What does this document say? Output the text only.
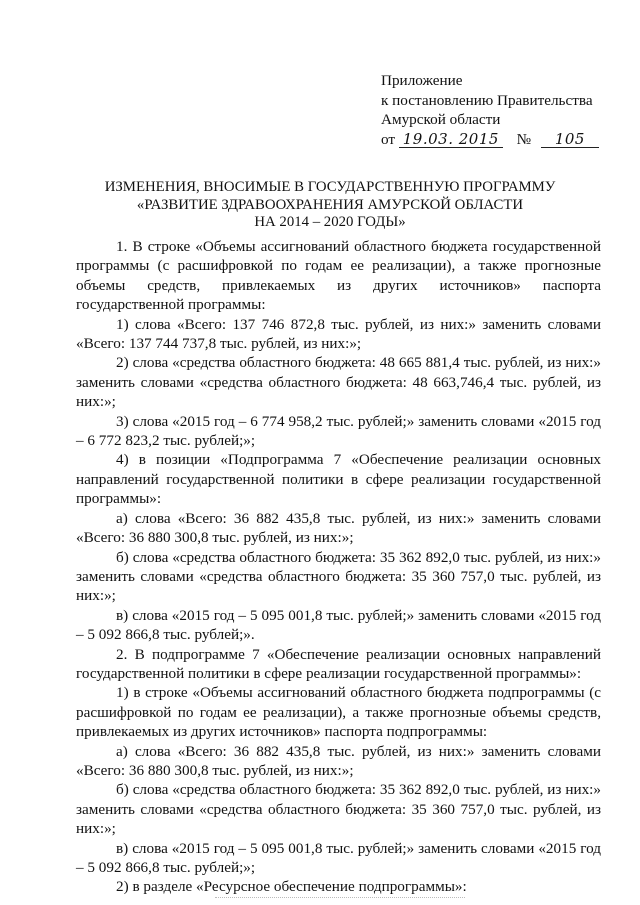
Приложение
к постановлению Правительства
Амурской области
от 19.03. 2015 № 105
ИЗМЕНЕНИЯ, ВНОСИМЫЕ В ГОСУДАРСТВЕННУЮ ПРОГРАММУ
«РАЗВИТИЕ ЗДРАВООХРАНЕНИЯ АМУРСКОЙ ОБЛАСТИ
НА 2014 – 2020 ГОДЫ»

1. В строке «Объемы ассигнований областного бюджета государственной программы (с расшифровкой по годам ее реализации), а также прогнозные объемы средств, привлекаемых из других источников» паспорта государственной программы:

1) слова «Всего: 137 746 872,8 тыс. рублей, из них:» заменить словами «Всего: 137 744 737,8 тыс. рублей, из них:»;

2) слова «средства областного бюджета: 48 665 881,4 тыс. рублей, из них:» заменить словами «средства областного бюджета: 48 663,746,4 тыс. рублей, из них:»;

3) слова «2015 год – 6 774 958,2 тыс. рублей;» заменить словами «2015 год – 6 772 823,2 тыс. рублей;»;

4) в позиции «Подпрограмма 7 «Обеспечение реализации основных направлений государственной политики в сфере реализации государственной программы»:

а) слова «Всего: 36 882 435,8 тыс. рублей, из них:» заменить словами «Всего: 36 880 300,8 тыс. рублей, из них:»;

б) слова «средства областного бюджета: 35 362 892,0 тыс. рублей, из них:» заменить словами «средства областного бюджета: 35 360 757,0 тыс. рублей, из них:»;

в) слова «2015 год – 5 095 001,8 тыс. рублей;» заменить словами «2015 год – 5 092 866,8 тыс. рублей;».

2. В подпрограмме 7 «Обеспечение реализации основных направлений государственной политики в сфере реализации государственной программы»:

1) в строке «Объемы ассигнований областного бюджета подпрограммы (с расшифровкой по годам ее реализации), а также прогнозные объемы средств, привлекаемых из других источников» паспорта подпрограммы:

а) слова «Всего: 36 882 435,8 тыс. рублей, из них:» заменить словами «Всего: 36 880 300,8 тыс. рублей, из них:»;

б) слова «средства областного бюджета: 35 362 892,0 тыс. рублей, из них:» заменить словами «средства областного бюджета: 35 360 757,0 тыс. рублей, из них:»;

в) слова «2015 год – 5 095 001,8 тыс. рублей;» заменить словами «2015 год – 5 092 866,8 тыс. рублей;»;

2) в разделе «Ресурсное обеспечение подпрограммы»:
